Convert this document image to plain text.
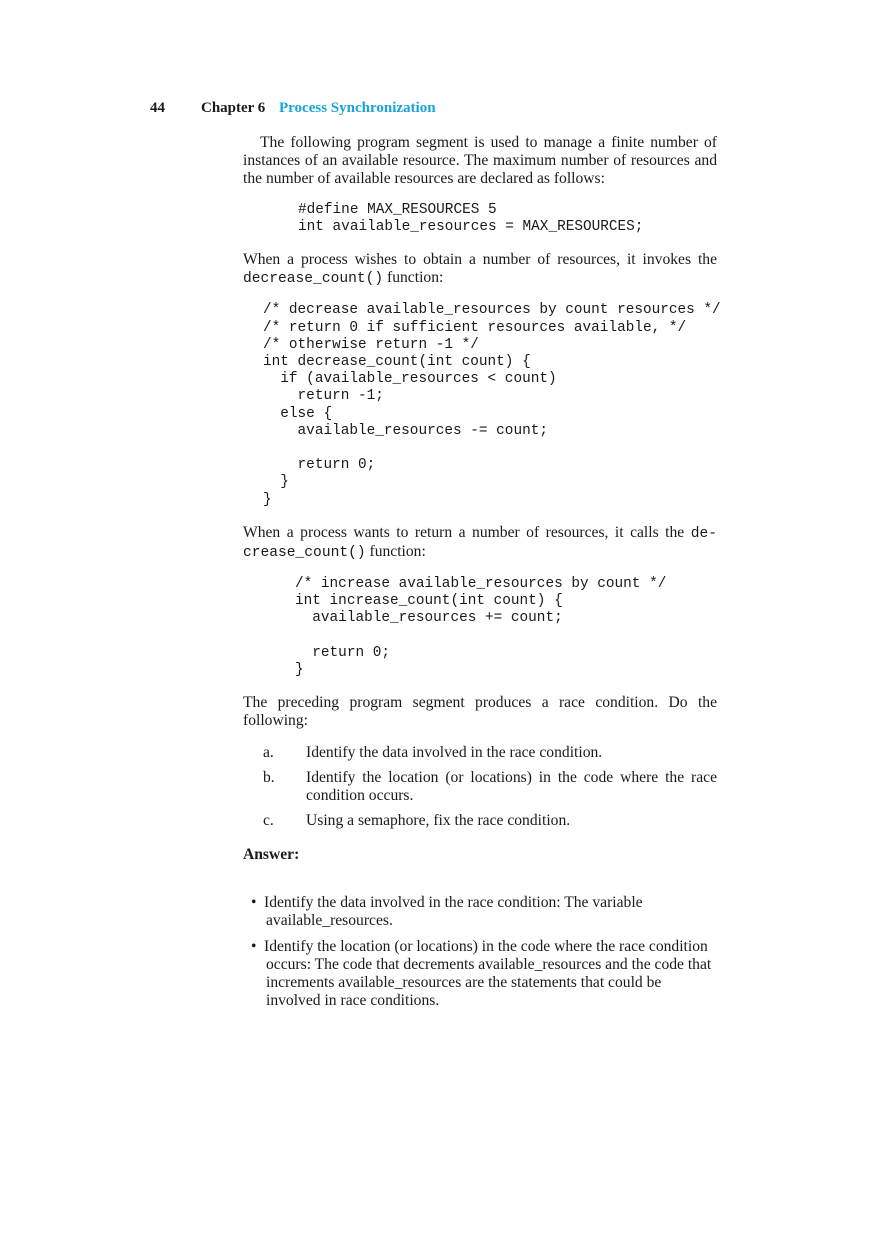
44 Chapter 6 Process Synchronization

The following program segment is used to manage a finite number of instances of an available resource. The maximum number of resources and the number of available resources are declared as follows:

#define MAX_RESOURCES 5
int available_resources = MAX_RESOURCES;

When a process wishes to obtain a number of resources, it invokes the decrease_count() function:

/* decrease available_resources by count resources */
/* return 0 if sufficient resources available, */
/* otherwise return -1 */
int decrease_count(int count) {
if (available_resources < count)
return -1;
else {
available_resources -= count;
return 0;
}
}

When a process wants to return a number of resources, it calls the de-crease_count() function:

/* increase available_resources by count */
int increase_count(int count) {
available_resources += count;
return 0;
}

The preceding program segment produces a race condition. Do the following:

a. Identify the data involved in the race condition.
b. Identify the location (or locations) in the code where the race condition occurs.
c. Using a semaphore, fix the race condition.

Answer:

• Identify the data involved in the race condition: The variable available_resources.
• Identify the location (or locations) in the code where the race condition occurs: The code that decrements available_resources and the code that increments available_resources are the statements that could be involved in race conditions.
